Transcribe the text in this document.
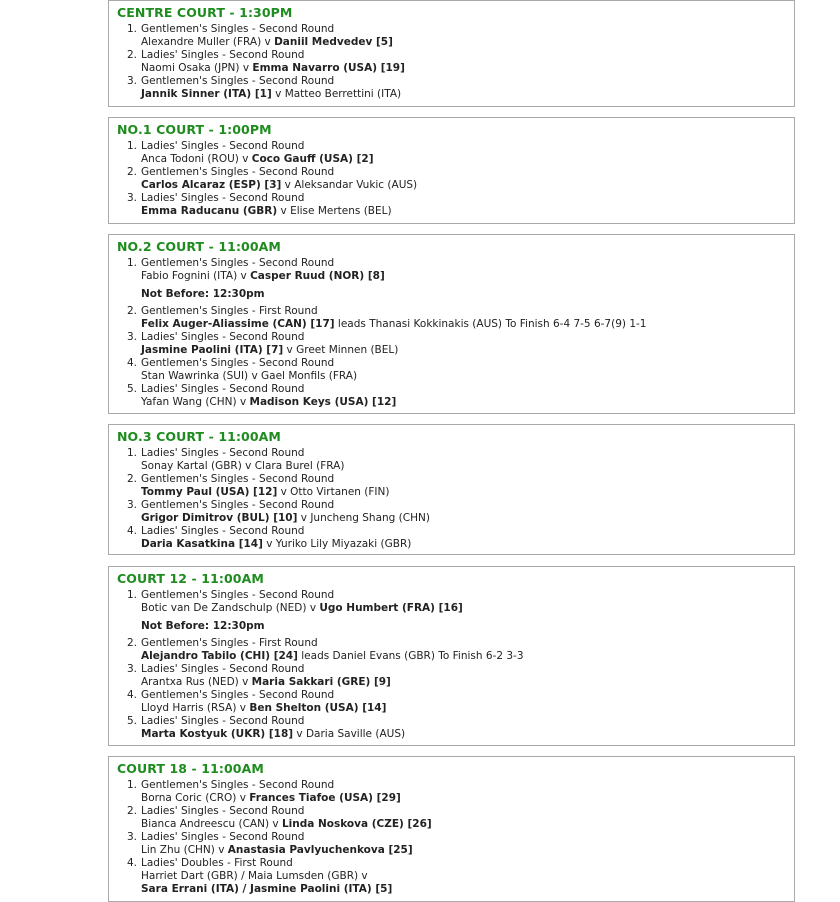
CENTRE COURT - 1:30PM
1. Gentlemen's Singles - Second Round
Alexandre Muller (FRA) v Daniil Medvedev [5]
2. Ladies' Singles - Second Round
Naomi Osaka (JPN) v Emma Navarro (USA) [19]
3. Gentlemen's Singles - Second Round
Jannik Sinner (ITA) [1] v Matteo Berrettini (ITA)
NO.1 COURT - 1:00PM
1. Ladies' Singles - Second Round
Anca Todoni (ROU) v Coco Gauff (USA) [2]
2. Gentlemen's Singles - Second Round
Carlos Alcaraz (ESP) [3] v Aleksandar Vukic (AUS)
3. Ladies' Singles - Second Round
Emma Raducanu (GBR) v Elise Mertens (BEL)
NO.2 COURT - 11:00AM
1. Gentlemen's Singles - Second Round
Fabio Fognini (ITA) v Casper Ruud (NOR) [8]
Not Before: 12:30pm
2. Gentlemen's Singles - First Round
Felix Auger-Aliassime (CAN) [17] leads Thanasi Kokkinakis (AUS) To Finish 6-4 7-5 6-7(9) 1-1
3. Ladies' Singles - Second Round
Jasmine Paolini (ITA) [7] v Greet Minnen (BEL)
4. Gentlemen's Singles - Second Round
Stan Wawrinka (SUI) v Gael Monfils (FRA)
5. Ladies' Singles - Second Round
Yafan Wang (CHN) v Madison Keys (USA) [12]
NO.3 COURT - 11:00AM
1. Ladies' Singles - Second Round
Sonay Kartal (GBR) v Clara Burel (FRA)
2. Gentlemen's Singles - Second Round
Tommy Paul (USA) [12] v Otto Virtanen (FIN)
3. Gentlemen's Singles - Second Round
Grigor Dimitrov (BUL) [10] v Juncheng Shang (CHN)
4. Ladies' Singles - Second Round
Daria Kasatkina [14] v Yuriko Lily Miyazaki (GBR)
COURT 12 - 11:00AM
1. Gentlemen's Singles - Second Round
Botic van De Zandschulp (NED) v Ugo Humbert (FRA) [16]
Not Before: 12:30pm
2. Gentlemen's Singles - First Round
Alejandro Tabilo (CHI) [24] leads Daniel Evans (GBR) To Finish 6-2 3-3
3. Ladies' Singles - Second Round
Arantxa Rus (NED) v Maria Sakkari (GRE) [9]
4. Gentlemen's Singles - Second Round
Lloyd Harris (RSA) v Ben Shelton (USA) [14]
5. Ladies' Singles - Second Round
Marta Kostyuk (UKR) [18] v Daria Saville (AUS)
COURT 18 - 11:00AM
1. Gentlemen's Singles - Second Round
Borna Coric (CRO) v Frances Tiafoe (USA) [29]
2. Ladies' Singles - Second Round
Bianca Andreescu (CAN) v Linda Noskova (CZE) [26]
3. Ladies' Singles - Second Round
Lin Zhu (CHN) v Anastasia Pavlyuchenkova [25]
4. Ladies' Doubles - First Round
Harriet Dart (GBR) / Maia Lumsden (GBR) v
Sara Errani (ITA) / Jasmine Paolini (ITA) [5]
